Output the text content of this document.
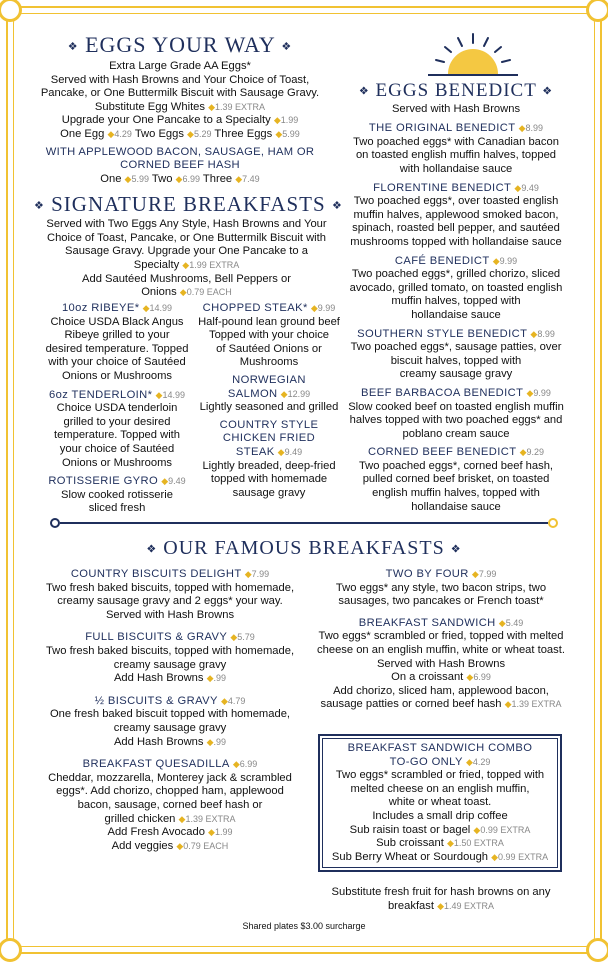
❖ EGGS YOUR WAY ❖
Extra Large Grade AA Eggs*
Served with Hash Browns and Your Choice of Toast,
Pancake, or One Buttermilk Biscuit with Sausage Gravy.
Substitute Egg Whites ◆1.39 EXTRA
Upgrade your One Pancake to a Specialty ◆1.99
One Egg ◆4.29 Two Eggs ◆5.29 Three Eggs ◆5.99
WITH APPLEWOOD BACON, SAUSAGE, HAM OR
CORNED BEEF HASH
One ◆5.99 Two ◆6.99 Three ◆7.49
❖ EGGS BENEDICT ❖
Served with Hash Browns
THE ORIGINAL BENEDICT ◆8.99
Two poached eggs* with Canadian bacon
on toasted english muffin halves, topped
with hollandaise sauce
FLORENTINE BENEDICT ◆9.49
Two poached eggs*, over toasted english
muffin halves, applewood smoked bacon,
spinach, roasted bell pepper, and sautéed
mushrooms topped with hollandaise sauce
CAFÉ BENEDICT ◆9.99
Two poached eggs*, grilled chorizo, sliced
avocado, grilled tomato, on toasted english
muffin halves, topped with
hollandaise sauce
SOUTHERN STYLE BENEDICT ◆8.99
Two poached eggs*, sausage patties, over
biscuit halves, topped with
creamy sausage gravy
BEEF BARBACOA BENEDICT ◆9.99
Slow cooked beef on toasted english muffin
halves topped with two poached eggs* and
poblano cream sauce
CORNED BEEF BENEDICT ◆9.29
Two poached eggs*, corned beef hash,
pulled corned beef brisket, on toasted
english muffin halves, topped with
hollandaise sauce
❖ SIGNATURE BREAKFASTS ❖
Served with Two Eggs Any Style, Hash Browns and Your
Choice of Toast, Pancake, or One Buttermilk Biscuit with
Sausage Gravy. Upgrade your One Pancake to a
Specialty ◆1.99 EXTRA
Add Sautéed Mushrooms, Bell Peppers or
Onions ◆0.79 EACH
10oz RIBEYE* ◆14.99
Choice USDA Black Angus
Ribeye grilled to your
desired temperature. Topped
with your choice of Sautéed
Onions or Mushrooms
6oz TENDERLOIN* ◆14.99
Choice USDA tenderloin
grilled to your desired
temperature. Topped with
your choice of Sautéed
Onions or Mushrooms
ROTISSERIE GYRO ◆9.49
Slow cooked rotisserie
sliced fresh
CHOPPED STEAK* ◆9.99
Half-pound lean ground beef
Topped with your choice
of Sautéed Onions or
Mushrooms
NORWEGIAN
SALMON ◆12.99
Lightly seasoned and grilled
COUNTRY STYLE
CHICKEN FRIED
STEAK ◆9.49
Lightly breaded, deep-fried
topped with homemade
sausage gravy
❖ OUR FAMOUS BREAKFASTS ❖
COUNTRY BISCUITS DELIGHT ◆7.99
Two fresh baked biscuits, topped with homemade,
creamy sausage gravy and 2 eggs* your way.
Served with Hash Browns
FULL BISCUITS & GRAVY ◆5.79
Two fresh baked biscuits, topped with homemade,
creamy sausage gravy
Add Hash Browns ◆.99
½ BISCUITS & GRAVY ◆4.79
One fresh baked biscuit topped with homemade,
creamy sausage gravy
Add Hash Browns ◆.99
BREAKFAST QUESADILLA ◆6.99
Cheddar, mozzarella, Monterey jack & scrambled
eggs*. Add chorizo, chopped ham, applewood
bacon, sausage, corned beef hash or
grilled chicken ◆1.39 EXTRA
Add Fresh Avocado ◆1.99
Add veggies ◆0.79 EACH
TWO BY FOUR ◆7.99
Two eggs* any style, two bacon strips, two
sausages, two pancakes or French toast*
BREAKFAST SANDWICH ◆5.49
Two eggs* scrambled or fried, topped with melted
cheese on an english muffin, white or wheat toast.
Served with Hash Browns
On a croissant ◆6.99
Add chorizo, sliced ham, applewood bacon,
sausage patties or corned beef hash ◆1.39 EXTRA
BREAKFAST SANDWICH COMBO
TO-GO ONLY ◆4.29
Two eggs* scrambled or fried, topped with
melted cheese on an english muffin,
white or wheat toast.
Includes a small drip coffee
Sub raisin toast or bagel ◆0.99 EXTRA
Sub croissant ◆1.50 EXTRA
Sub Berry Wheat or Sourdough ◆0.99 EXTRA
Substitute fresh fruit for hash browns on any
breakfast ◆1.49 EXTRA
Shared plates $3.00 surcharge
